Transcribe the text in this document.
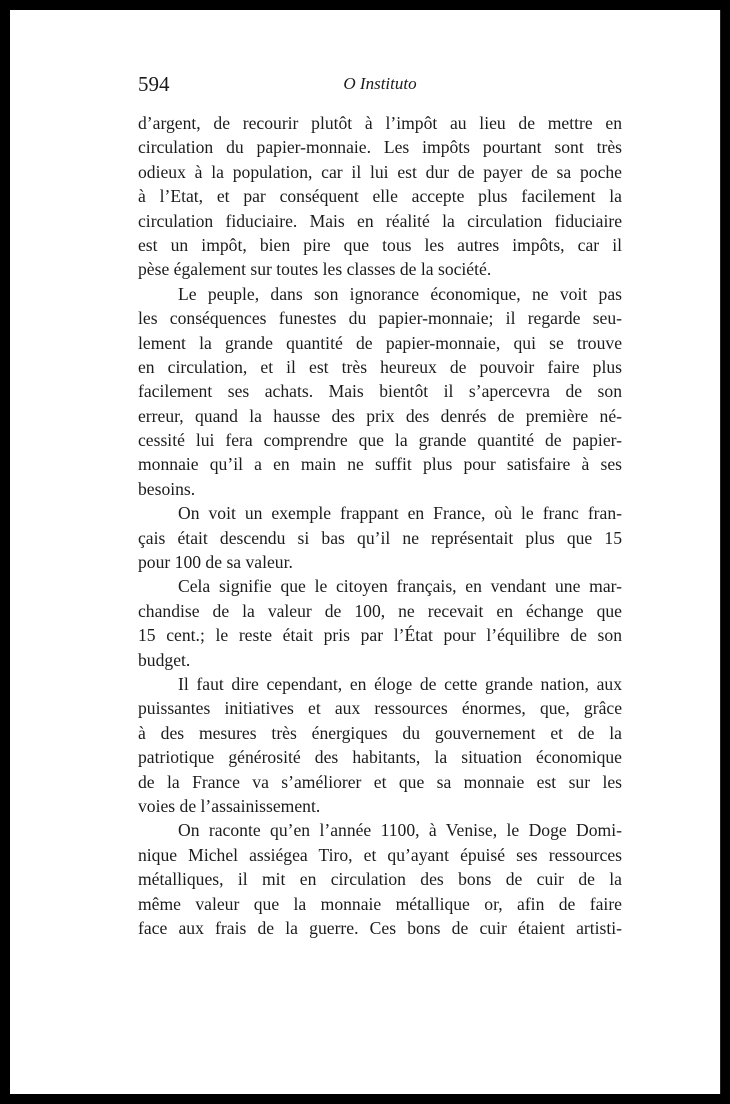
594	O Instituto
d’argent, de recourir plutôt à l’impôt au lieu de mettre en
circulation du papier-monnaie. Les impôts pourtant sont très
odieux à la population, car il lui est dur de payer de sa poche
à l’Etat, et par conséquent elle accepte plus facilement la
circulation fiduciaire. Mais en réalité la circulation fiduciaire
est un impôt, bien pire que tous les autres impôts, car il
pèse également sur toutes les classes de la société.
Le peuple, dans son ignorance économique, ne voit pas
les conséquences funestes du papier-monnaie; il regarde seu-
lement la grande quantité de papier-monnaie, qui se trouve
en circulation, et il est très heureux de pouvoir faire plus
facilement ses achats. Mais bientôt il s’apercevra de son
erreur, quand la hausse des prix des denrés de première né-
cessité lui fera comprendre que la grande quantité de papier-
monnaie qu’il a en main ne suffit plus pour satisfaire à ses
besoins.
On voit un exemple frappant en France, où le franc fran-
çais était descendu si bas qu’il ne représentait plus que 15
pour 100 de sa valeur.
Cela signifie que le citoyen français, en vendant une mar-
chandise de la valeur de 100, ne recevait en échange que
15 cent.; le reste était pris par l’État pour l’équilibre de son
budget.
Il faut dire cependant, en éloge de cette grande nation, aux
puissantes initiatives et aux ressources énormes, que, grâce
à des mesures très énergiques du gouvernement et de la
patriotique générosité des habitants, la situation économique
de la France va s’améliorer et que sa monnaie est sur les
voies de l’assainissement.
On raconte qu’en l’année 1100, à Venise, le Doge Domi-
nique Michel assiégea Tiro, et qu’ayant épuisé ses ressources
métalliques, il mit en circulation des bons de cuir de la
même valeur que la monnaie métallique or, afin de faire
face aux frais de la guerre. Ces bons de cuir étaient artisti-
